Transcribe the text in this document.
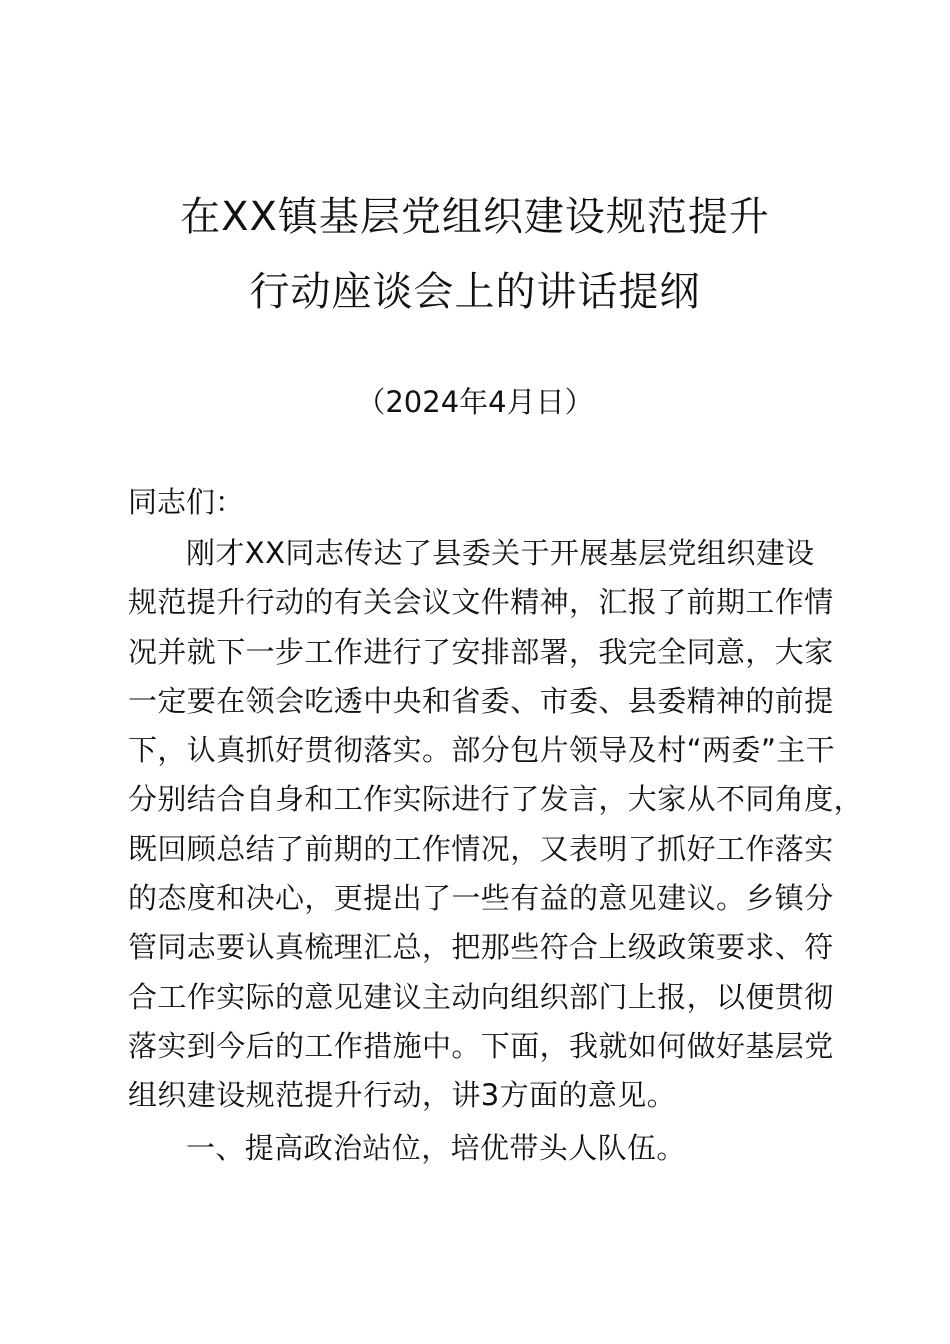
在XX镇基层党组织建设规范提升
行动座谈会上的讲话提纲
（2024年4月日）
同志们：
刚才XX同志传达了县委关于开展基层党组织建设
规范提升行动的有关会议文件精神，汇报了前期工作情
况并就下一步工作进行了安排部署，我完全同意，大家
一定要在领会吃透中央和省委、市委、县委精神的前提
下，认真抓好贯彻落实。部分包片领导及村“两委”主干
分别结合自身和工作实际进行了发言，大家从不同角度，
既回顾总结了前期的工作情况，又表明了抓好工作落实
的态度和决心，更提出了一些有益的意见建议。乡镇分
管同志要认真梳理汇总，把那些符合上级政策要求、符
合工作实际的意见建议主动向组织部门上报，以便贯彻
落实到今后的工作措施中。下面，我就如何做好基层党
组织建设规范提升行动，讲3方面的意见。
一、提高政治站位，培优带头人队伍。
